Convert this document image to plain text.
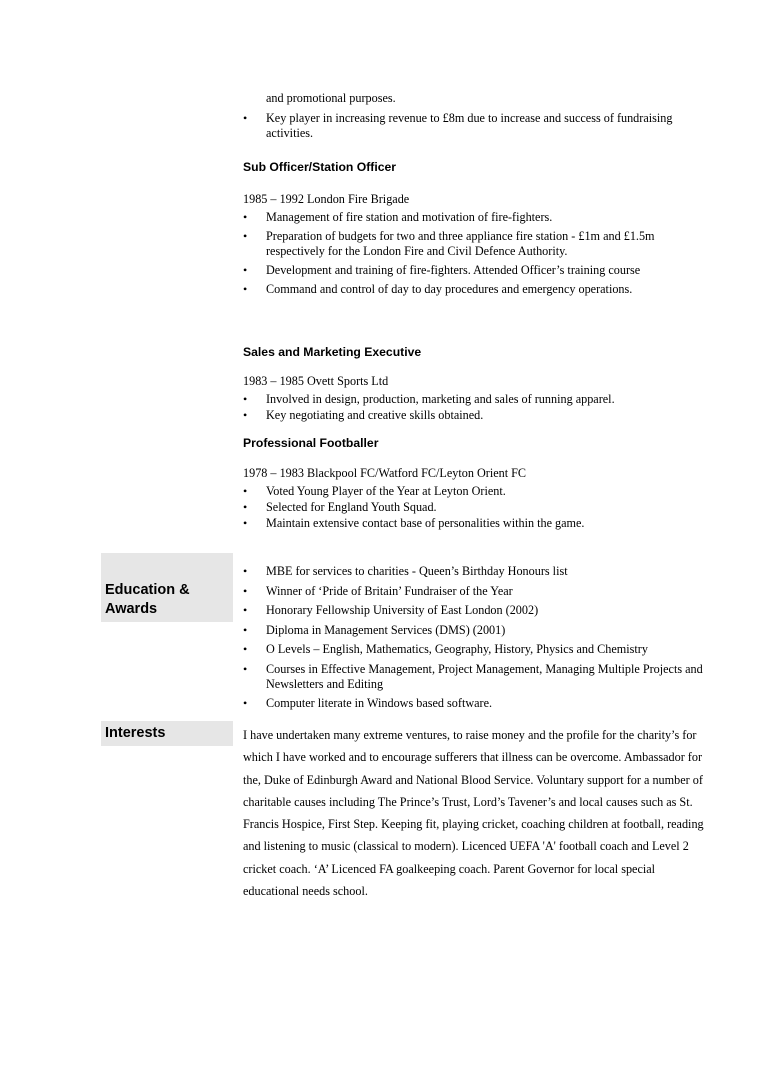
and promotional purposes.
• Key player in increasing revenue to £8m due to increase and success of fundraising activities.
Sub Officer/Station Officer
1985 – 1992 London Fire Brigade
• Management of fire station and motivation of fire-fighters.
• Preparation of budgets for two and three appliance fire station - £1m and £1.5m respectively for the London Fire and Civil Defence Authority.
• Development and training of fire-fighters. Attended Officer’s training course
• Command and control of day to day procedures and emergency operations.
Sales and Marketing Executive
1983 – 1985 Ovett Sports Ltd
• Involved in design, production, marketing and sales of running apparel.
• Key negotiating and creative skills obtained.
Professional Footballer
1978 – 1983 Blackpool FC/Watford FC/Leyton Orient FC
• Voted Young Player of the Year at Leyton Orient.
• Selected for England Youth Squad.
• Maintain extensive contact base of personalities within the game.
Education &
Awards
• MBE for services to charities - Queen’s Birthday Honours list
• Winner of ‘Pride of Britain’ Fundraiser of the Year
• Honorary Fellowship University of East London (2002)
• Diploma in Management Services (DMS) (2001)
• O Levels – English, Mathematics, Geography, History, Physics and Chemistry
• Courses in Effective Management, Project Management, Managing Multiple Projects and Newsletters and Editing
• Computer literate in Windows based software.
Interests	I have undertaken many extreme ventures, to raise money and the profile for the charity’s for which I have worked and to encourage sufferers that illness can be overcome. Ambassador for the, Duke of Edinburgh Award and National Blood Service. Voluntary support for a number of charitable causes including The Prince’s Trust, Lord’s Tavener’s and local causes such as St. Francis Hospice, First Step. Keeping fit, playing cricket, coaching children at football, reading and listening to music (classical to modern). Licenced UEFA 'A' football coach and Level 2 cricket coach. ‘A’ Licenced FA goalkeeping coach. Parent Governor for local special educational needs school.
